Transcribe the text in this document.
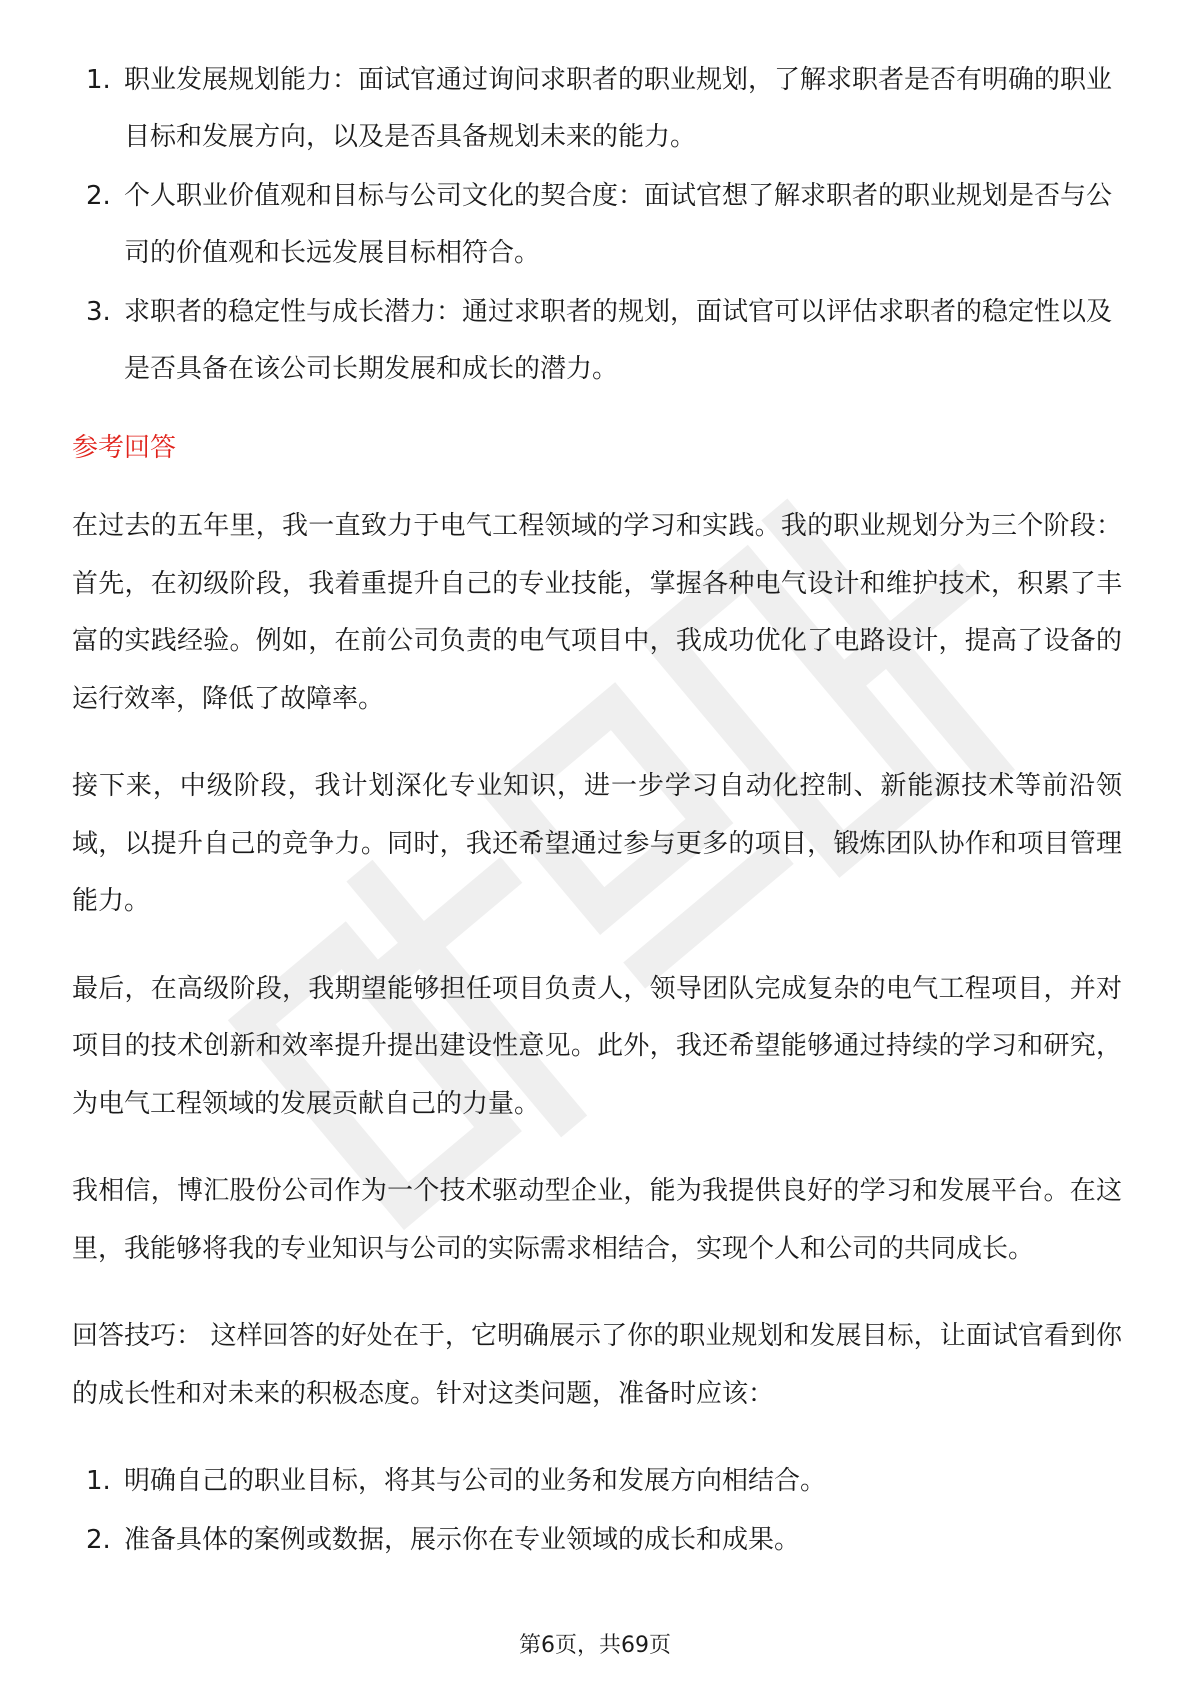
1. 职业发展规划能力：面试官通过询问求职者的职业规划，了解求职者是否有明确的职业目标和发展方向，以及是否具备规划未来的能力。
2. 个人职业价值观和目标与公司文化的契合度：面试官想了解求职者的职业规划是否与公司的价值观和长远发展目标相符合。
3. 求职者的稳定性与成长潜力：通过求职者的规划，面试官可以评估求职者的稳定性以及是否具备在该公司长期发展和成长的潜力。
参考回答

在过去的五年里，我一直致力于电气工程领域的学习和实践。我的职业规划分为三个阶段：首先，在初级阶段，我着重提升自己的专业技能，掌握各种电气设计和维护技术，积累了丰富的实践经验。例如，在前公司负责的电气项目中，我成功优化了电路设计，提高了设备的运行效率，降低了故障率。

接下来，中级阶段，我计划深化专业知识，进一步学习自动化控制、新能源技术等前沿领域，以提升自己的竞争力。同时，我还希望通过参与更多的项目，锻炼团队协作和项目管理能力。

最后，在高级阶段，我期望能够担任项目负责人，领导团队完成复杂的电气工程项目，并对项目的技术创新和效率提升提出建设性意见。此外，我还希望能够通过持续的学习和研究，为电气工程领域的发展贡献自己的力量。

我相信，博汇股份公司作为一个技术驱动型企业，能为我提供良好的学习和发展平台。在这里，我能够将我的专业知识与公司的实际需求相结合，实现个人和公司的共同成长。

回答技巧： 这样回答的好处在于，它明确展示了你的职业规划和发展目标，让面试官看到你的成长性和对未来的积极态度。针对这类问题，准备时应该：

1. 明确自己的职业目标，将其与公司的业务和发展方向相结合。
2. 准备具体的案例或数据，展示你在专业领域的成长和成果。
第6页，共69页
